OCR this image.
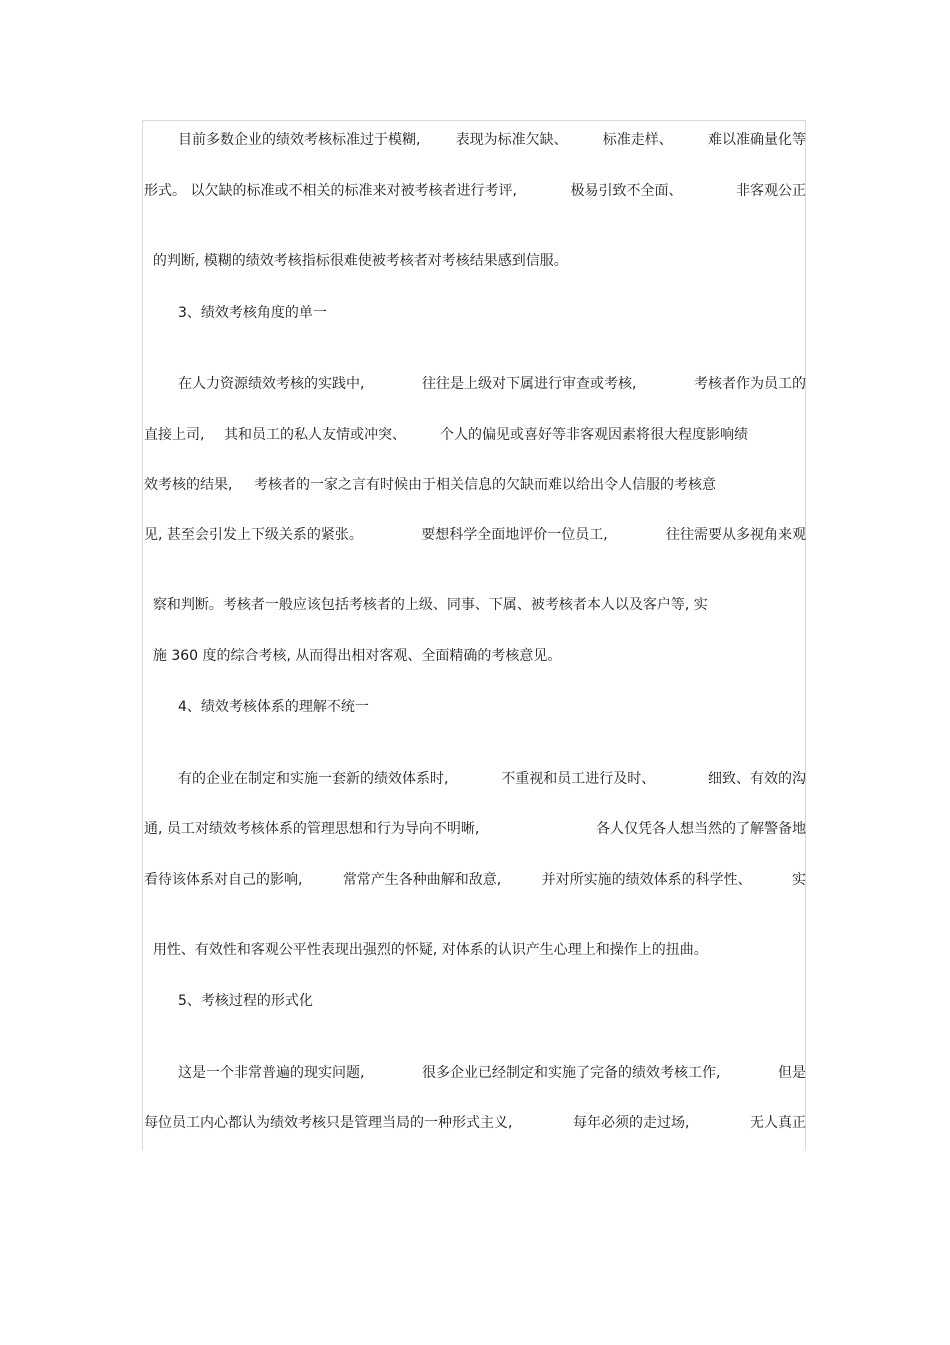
目前多数企业的绩效考核标准过于模糊,	表现为标准欠缺、	标准走样、	难以准确量化等
形式。 以欠缺的标准或不相关的标准来对被考核者进行考评,	极易引致不全面、	非客观公正

的判断, 模糊的绩效考核指标很难使被考核者对考核结果感到信服。

3、绩效考核角度的单一
在人力资源绩效考核的实践中,	往往是上级对下属进行审查或考核,	考核者作为员工的
直接上司,	其和员工的私人友情或冲突、	个人的偏见或喜好等非客观因素将很大程度影响绩
效考核的结果,	考核者的一家之言有时候由于相关信息的欠缺而难以给出令人信服的考核意
见, 甚至会引发上下级关系的紧张。	要想科学全面地评价一位员工,	往往需要从多视角来观

察和判断。考核者一般应该包括考核者的上级、同事、下属、被考核者本人以及客户等, 实

施 360 度的综合考核, 从而得出相对客观、全面精确的考核意见。

4、绩效考核体系的理解不统一
有的企业在制定和实施一套新的绩效体系时,	不重视和员工进行及时、	细致、有效的沟
通, 员工对绩效考核体系的管理思想和行为导向不明晰,	各人仅凭各人想当然的了解警备地
看待该体系对自己的影响,	常常产生各种曲解和敌意,	并对所实施的绩效体系的科学性、	实

用性、有效性和客观公平性表现出强烈的怀疑, 对体系的认识产生心理上和操作上的扭曲。

5、考核过程的形式化
这是一个非常普遍的现实问题,	很多企业已经制定和实施了完备的绩效考核工作,	但是
每位员工内心都认为绩效考核只是管理当局的一种形式主义,	每年必须的走过场,	无人真正
